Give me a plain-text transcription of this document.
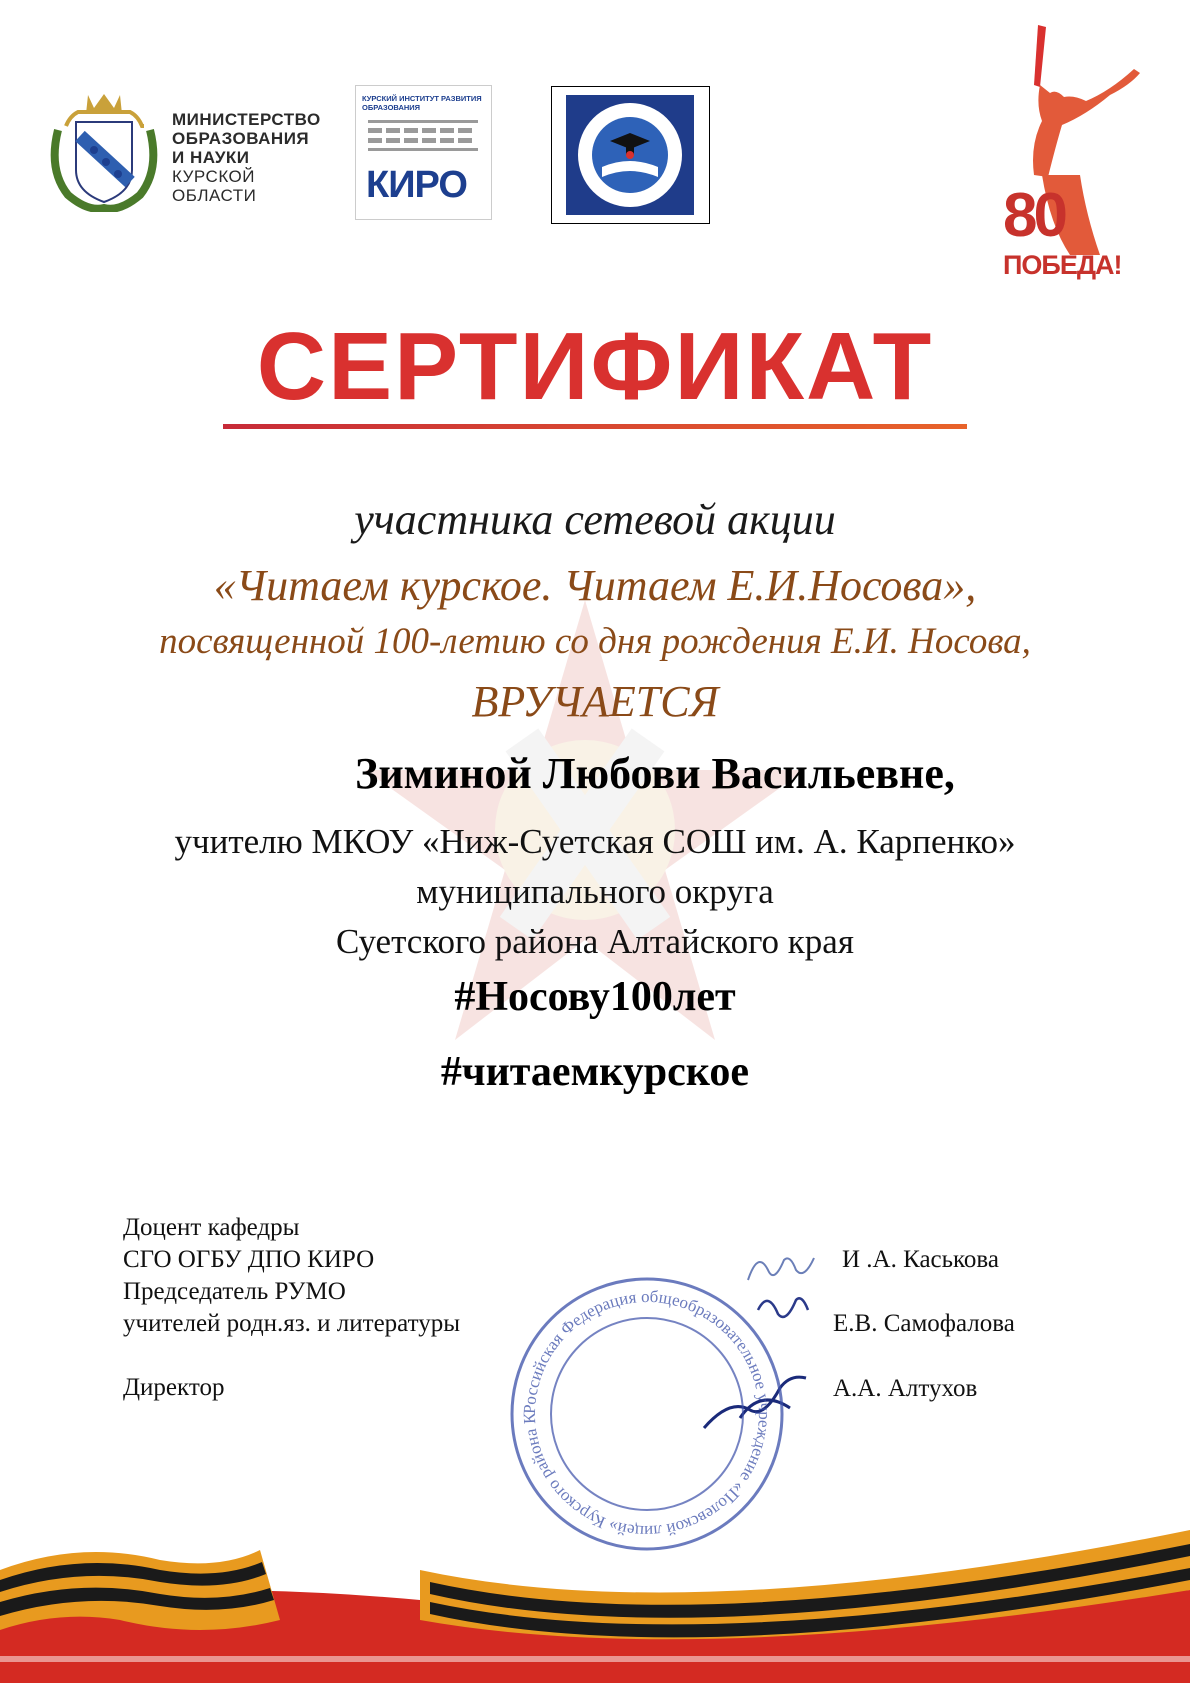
МИНИСТЕРСТВО
ОБРАЗОВАНИЯ
И НАУКИ
КУРСКОЙ
ОБЛАСТИ
КУРСКИЙ ИНСТИТУТ РАЗВИТИЯ ОБРАЗОВАНИЯ
КИРО	80
ПОБЕДА!
СЕРТИФИКАТ
участника сетевой акции
«Читаем курское. Читаем Е.И.Носова»,
посвященной 100-летию со дня рождения Е.И. Носова,
ВРУЧАЕТСЯ
Зиминой Любови Васильевне,
учителю МКОУ «Ниж-Суетская СОШ им. А. Карпенко»
муниципального округа
Суетского района Алтайского края
#Носову100лет
#читаемкурское
Доцент кафедры
СГО ОГБУ ДПО КИРО
Председатель РУМО
учителей родн.яз. и литературы
Директор
И .А. Каськова
Е.В. Самофалова
А.А. Алтухов
Российская Федерация общеобразовательное учреждение «Полевской лицей» Курского района К
